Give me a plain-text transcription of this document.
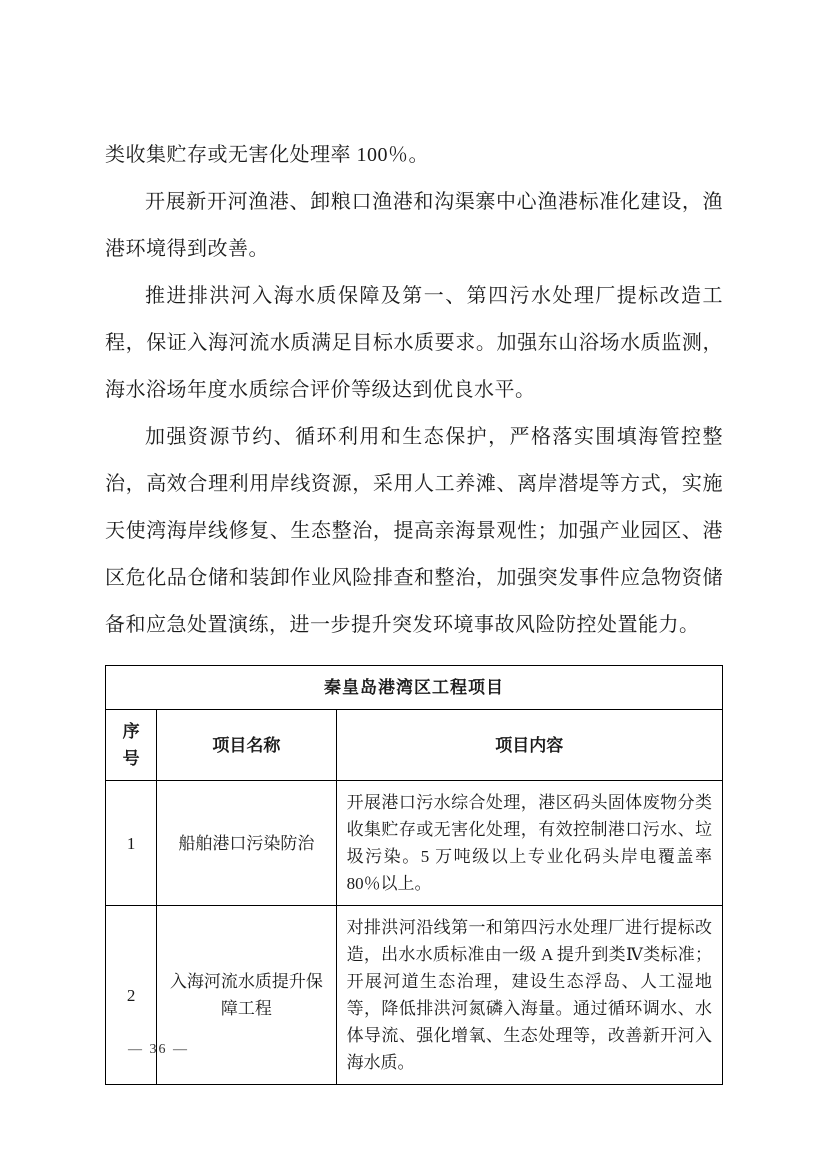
类收集贮存或无害化处理率 100％。

开展新开河渔港、卸粮口渔港和沟渠寨中心渔港标准化建设，渔港环境得到改善。

推进排洪河入海水质保障及第一、第四污水处理厂提标改造工程，保证入海河流水质满足目标水质要求。加强东山浴场水质监测，海水浴场年度水质综合评价等级达到优良水平。

加强资源节约、循环利用和生态保护，严格落实围填海管控整治，高效合理利用岸线资源，采用人工养滩、离岸潜堤等方式，实施天使湾海岸线修复、生态整治，提高亲海景观性；加强产业园区、港区危化品仓储和装卸作业风险排查和整治，加强突发事件应急物资储备和应急处置演练，进一步提升突发环境事故风险防控处置能力。

秦皇岛港湾区工程项目		
序号	项目名称	项目内容
1	船舶港口污染防治	开展港口污水综合处理，港区码头固体废物分类收集贮存或无害化处理，有效控制港口污水、垃圾污染。5 万吨级以上专业化码头岸电覆盖率 80％以上。
2	入海河流水质提升保障工程	对排洪河沿线第一和第四污水处理厂进行提标改造，出水水质标准由一级 A 提升到类Ⅳ类标准；开展河道生态治理，建设生态浮岛、人工湿地等，降低排洪河氮磷入海量。通过循环调水、水体导流、强化增氧、生态处理等，改善新开河入海水质。
— 36 —
